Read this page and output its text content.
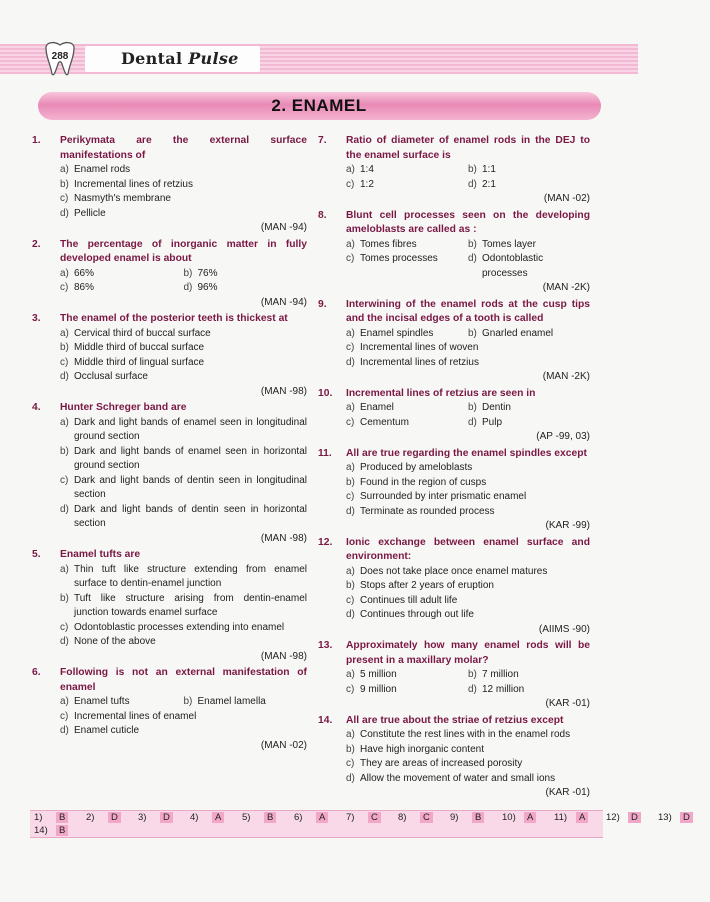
288	Dental Pulse
2. ENAMEL
1.	Perikymata are the external surface manifestations of
a) Enamel rods
b) Incremental lines of retzius
c) Nasmyth's membrane
d) Pellicle
(MAN -94)
2.	The percentage of inorganic matter in fully developed enamel is about
a) 66%	b) 76%
c) 86%	d) 96%
(MAN -94)
3.	The enamel of the posterior teeth is thickest at
a) Cervical third of buccal surface
b) Middle third of buccal surface
c) Middle third of lingual surface
d) Occlusal surface
(MAN -98)
4.	Hunter Schreger band are
a) Dark and light bands of enamel seen in longitudinal ground section
b) Dark and light bands of enamel seen in horizontal ground section
c) Dark and light bands of dentin seen in longitudinal section
d) Dark and light bands of dentin seen in horizontal section
(MAN -98)
5.	Enamel tufts are
a) Thin tuft like structure extending from enamel surface to dentin-enamel junction
b) Tuft like structure arising from dentin-enamel junction towards enamel surface
c) Odontoblastic processes extending into enamel
d) None of the above
(MAN -98)
6.	Following is not an external manifestation of enamel
a) Enamel tufts	b) Enamel lamella
c) Incremental lines of enamel
d) Enamel cuticle
(MAN -02)
7.	Ratio of diameter of enamel rods in the DEJ to the enamel surface is
a) 1:4	b) 1:1
c) 1:2	d) 2:1
(MAN -02)
8.	Blunt cell processes seen on the developing ameloblasts are called as :
a) Tomes fibres	b) Tomes layer
c) Tomes processes	d) Odontoblastic processes
(MAN -2K)
9.	Interwining of the enamel rods at the cusp tips and the incisal edges of a tooth is called
a) Enamel spindles	b) Gnarled enamel
c) Incremental lines of woven
d) Incremental lines of retzius
(MAN -2K)
10.	Incremental lines of retzius are seen in
a) Enamel	b) Dentin
c) Cementum	d) Pulp
(AP -99, 03)
11.	All are true regarding the enamel spindles except
a) Produced by ameloblasts
b) Found in the region of cusps
c) Surrounded by inter prismatic enamel
d) Terminate as rounded process
(KAR -99)
12.	Ionic exchange between enamel surface and environment:
a) Does not take place once enamel matures
b) Stops after 2 years of eruption
c) Continues till adult life
d) Continues through out life
(AIIMS -90)
13.	Approximately how many enamel rods will be present in a maxillary molar?
a) 5 million	b) 7 million
c) 9 million	d) 12 million
(KAR -01)
14.	All are true about the striae of retzius except
a) Constitute the rest lines with in the enamel rods
b) Have high inorganic content
c) They are areas of increased porosity
d) Allow the movement of water and small ions
(KAR -01)
1)	B	2)	D	3)	D	4)	A	5)	B	6)	A	7)	C	8)	C	9)	B	10)	A	11)	A	12)	D	13)	D
14)	B
